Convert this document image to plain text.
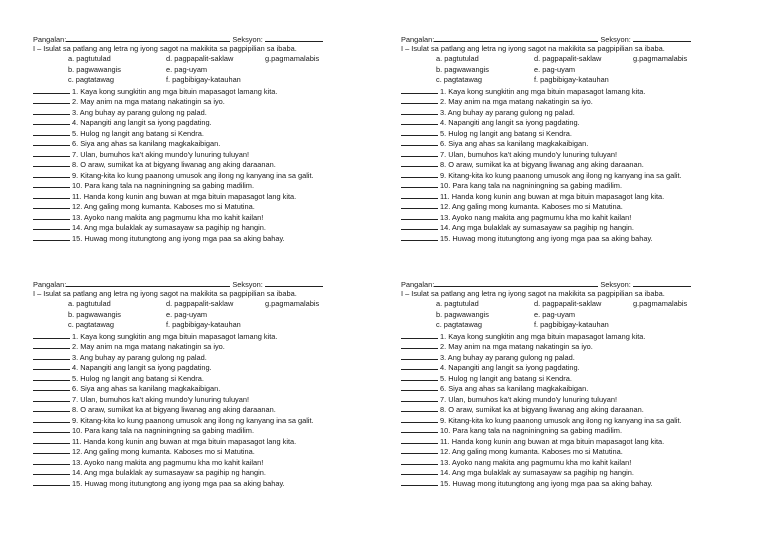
Pangalan:	Seksyon:
I – Isulat sa patlang ang letra ng iyong sagot na makikita sa pagpipilian sa ibaba.
a. pagtutulad	d. pagpapalit-saklaw	g.pagmamalabis
b. pagwawangis	e. pag-uyam
c. pagtatawag	f. pagbibigay-katauhan
1. Kaya kong sungkitin ang mga bituin mapasagot lamang kita.
2. May anim na mga matang nakatingin sa iyo.
3. Ang buhay ay parang gulong ng palad.
4. Napangiti ang langit sa iyong pagdating.
5. Hulog ng langit ang batang si Kendra.
6. Siya ang ahas sa kanilang magkakaibigan.
7. Ulan, bumuhos ka't aking mundo'y lunuring tuluyan!
8. O araw, sumikat ka at bigyang liwanag ang aking daraanan.
9. Kitang-kita ko kung paanong umusok ang ilong ng kanyang ina sa galit.
10. Para kang tala na nagniningning sa gabing madilim.
11. Handa kong kunin ang buwan at mga bituin mapasagot lang kita.
12. Ang galing mong kumanta. Kaboses mo si Matutina.
13. Ayoko nang makita ang pagmumu kha mo kahit kailan!
14. Ang mga bulaklak ay sumasayaw sa pagihip ng hangin.
15. Huwag mong itutungtong ang iyong mga paa sa aking bahay.
Pangalan:	Seksyon:
I – Isulat sa patlang ang letra ng iyong sagot na makikita sa pagpipilian sa ibaba.
a. pagtutulad	d. pagpapalit-saklaw	g.pagmamalabis
b. pagwawangis	e. pag-uyam
c. pagtatawag	f. pagbibigay-katauhan
1. Kaya kong sungkitin ang mga bituin mapasagot lamang kita.
2. May anim na mga matang nakatingin sa iyo.
3. Ang buhay ay parang gulong ng palad.
4. Napangiti ang langit sa iyong pagdating.
5. Hulog ng langit ang batang si Kendra.
6. Siya ang ahas sa kanilang magkakaibigan.
7. Ulan, bumuhos ka't aking mundo'y lunuring tuluyan!
8. O araw, sumikat ka at bigyang liwanag ang aking daraanan.
9. Kitang-kita ko kung paanong umusok ang ilong ng kanyang ina sa galit.
10. Para kang tala na nagniningning sa gabing madilim.
11. Handa kong kunin ang buwan at mga bituin mapasagot lang kita.
12. Ang galing mong kumanta. Kaboses mo si Matutina.
13. Ayoko nang makita ang pagmumu kha mo kahit kailan!
14. Ang mga bulaklak ay sumasayaw sa pagihip ng hangin.
15. Huwag mong itutungtong ang iyong mga paa sa aking bahay.
Pangalan:	Seksyon:
I – Isulat sa patlang ang letra ng iyong sagot na makikita sa pagpipilian sa ibaba.
a. pagtutulad	d. pagpapalit-saklaw	g.pagmamalabis
b. pagwawangis	e. pag-uyam
c. pagtatawag	f. pagbibigay-katauhan
1. Kaya kong sungkitin ang mga bituin mapasagot lamang kita.
2. May anim na mga matang nakatingin sa iyo.
3. Ang buhay ay parang gulong ng palad.
4. Napangiti ang langit sa iyong pagdating.
5. Hulog ng langit ang batang si Kendra.
6. Siya ang ahas sa kanilang magkakaibigan.
7. Ulan, bumuhos ka't aking mundo'y lunuring tuluyan!
8. O araw, sumikat ka at bigyang liwanag ang aking daraanan.
9. Kitang-kita ko kung paanong umusok ang ilong ng kanyang ina sa galit.
10. Para kang tala na nagniningning sa gabing madilim.
11. Handa kong kunin ang buwan at mga bituin mapasagot lang kita.
12. Ang galing mong kumanta. Kaboses mo si Matutina.
13. Ayoko nang makita ang pagmumu kha mo kahit kailan!
14. Ang mga bulaklak ay sumasayaw sa pagihip ng hangin.
15. Huwag mong itutungtong ang iyong mga paa sa aking bahay.
Pangalan:	Seksyon:
I – Isulat sa patlang ang letra ng iyong sagot na makikita sa pagpipilian sa ibaba.
a. pagtutulad	d. pagpapalit-saklaw	g.pagmamalabis
b. pagwawangis	e. pag-uyam
c. pagtatawag	f. pagbibigay-katauhan
1. Kaya kong sungkitin ang mga bituin mapasagot lamang kita.
2. May anim na mga matang nakatingin sa iyo.
3. Ang buhay ay parang gulong ng palad.
4. Napangiti ang langit sa iyong pagdating.
5. Hulog ng langit ang batang si Kendra.
6. Siya ang ahas sa kanilang magkakaibigan.
7. Ulan, bumuhos ka't aking mundo'y lunuring tuluyan!
8. O araw, sumikat ka at bigyang liwanag ang aking daraanan.
9. Kitang-kita ko kung paanong umusok ang ilong ng kanyang ina sa galit.
10. Para kang tala na nagniningning sa gabing madilim.
11. Handa kong kunin ang buwan at mga bituin mapasagot lang kita.
12. Ang galing mong kumanta. Kaboses mo si Matutina.
13. Ayoko nang makita ang pagmumu kha mo kahit kailan!
14. Ang mga bulaklak ay sumasayaw sa pagihip ng hangin.
15. Huwag mong itutungtong ang iyong mga paa sa aking bahay.
